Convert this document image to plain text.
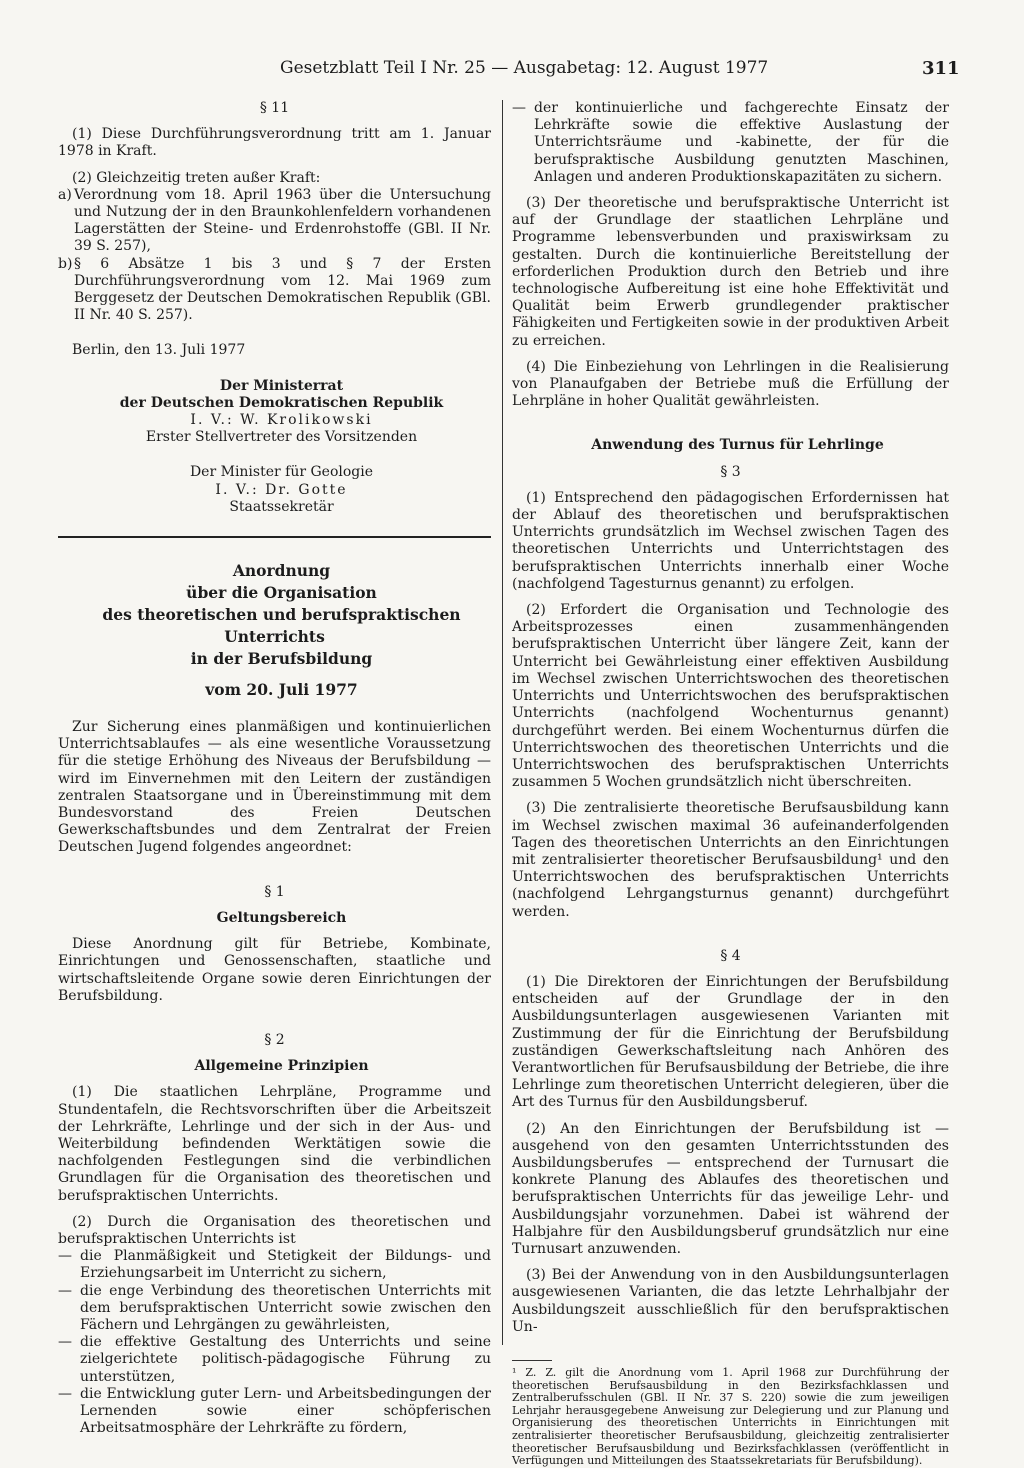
Gesetzblatt Teil I Nr. 25 — Ausgabetag: 12. August 1977	311

§ 11

(1) Diese Durchführungsverordnung tritt am 1. Januar 1978 in Kraft.

(2) Gleichzeitig treten außer Kraft:

a) Verordnung vom 18. April 1963 über die Untersuchung und Nutzung der in den Braunkohlenfeldern vorhandenen Lagerstätten der Steine- und Erdenrohstoffe (GBl. II Nr. 39 S. 257),
b) § 6 Absätze 1 bis 3 und § 7 der Ersten Durchführungsverordnung vom 12. Mai 1969 zum Berggesetz der Deutschen Demokratischen Republik (GBl. II Nr. 40 S. 257).

Berlin, den 13. Juli 1977

Der Ministerrat

der Deutschen Demokratischen Republik

I. V.: W. Krolikowski

Erster Stellvertreter des Vorsitzenden

Der Minister für Geologie

I. V.: Dr. Gotte

Staatssekretär

Anordnung

über die Organisation

des theoretischen und berufspraktischen Unterrichts

in der Berufsbildung

vom 20. Juli 1977

Zur Sicherung eines planmäßigen und kontinuierlichen Unterrichtsablaufes — als eine wesentliche Voraussetzung für die stetige Erhöhung des Niveaus der Berufsbildung — wird im Einvernehmen mit den Leitern der zuständigen zentralen Staatsorgane und in Übereinstimmung mit dem Bundesvorstand des Freien Deutschen Gewerkschaftsbundes und dem Zentralrat der Freien Deutschen Jugend folgendes angeordnet:

§ 1

Geltungsbereich

Diese Anordnung gilt für Betriebe, Kombinate, Einrichtungen und Genossenschaften, staatliche und wirtschaftsleitende Organe sowie deren Einrichtungen der Berufsbildung.

§ 2

Allgemeine Prinzipien

(1) Die staatlichen Lehrpläne, Programme und Stundentafeln, die Rechtsvorschriften über die Arbeitszeit der Lehrkräfte, Lehrlinge und der sich in der Aus- und Weiterbildung befindenden Werktätigen sowie die nachfolgenden Festlegungen sind die verbindlichen Grundlagen für die Organisation des theoretischen und berufspraktischen Unterrichts.

(2) Durch die Organisation des theoretischen und berufspraktischen Unterrichts ist

— die Planmäßigkeit und Stetigkeit der Bildungs- und Erziehungsarbeit im Unterricht zu sichern,
— die enge Verbindung des theoretischen Unterrichts mit dem berufspraktischen Unterricht sowie zwischen den Fächern und Lehrgängen zu gewährleisten,
— die effektive Gestaltung des Unterrichts und seine zielgerichtete politisch-pädagogische Führung zu unterstützen,
— die Entwicklung guter Lern- und Arbeitsbedingungen der Lernenden sowie einer schöpferischen Arbeitsatmosphäre der Lehrkräfte zu fördern,
— der kontinuierliche und fachgerechte Einsatz der Lehrkräfte sowie die effektive Auslastung der Unterrichtsräume und -kabinette, der für die berufspraktische Ausbildung genutzten Maschinen, Anlagen und anderen Produktionskapazitäten zu sichern.

(3) Der theoretische und berufspraktische Unterricht ist auf der Grundlage der staatlichen Lehrpläne und Programme lebensverbunden und praxiswirksam zu gestalten. Durch die kontinuierliche Bereitstellung der erforderlichen Produktion durch den Betrieb und ihre technologische Aufbereitung ist eine hohe Effektivität und Qualität beim Erwerb grundlegender praktischer Fähigkeiten und Fertigkeiten sowie in der produktiven Arbeit zu erreichen.

(4) Die Einbeziehung von Lehrlingen in die Realisierung von Planaufgaben der Betriebe muß die Erfüllung der Lehrpläne in hoher Qualität gewährleisten.

Anwendung des Turnus für Lehrlinge

§ 3

(1) Entsprechend den pädagogischen Erfordernissen hat der Ablauf des theoretischen und berufspraktischen Unterrichts grundsätzlich im Wechsel zwischen Tagen des theoretischen Unterrichts und Unterrichtstagen des berufspraktischen Unterrichts innerhalb einer Woche (nachfolgend Tagesturnus genannt) zu erfolgen.

(2) Erfordert die Organisation und Technologie des Arbeitsprozesses einen zusammenhängenden berufspraktischen Unterricht über längere Zeit, kann der Unterricht bei Gewährleistung einer effektiven Ausbildung im Wechsel zwischen Unterrichtswochen des theoretischen Unterrichts und Unterrichtswochen des berufspraktischen Unterrichts (nachfolgend Wochenturnus genannt) durchgeführt werden. Bei einem Wochenturnus dürfen die Unterrichtswochen des theoretischen Unterrichts und die Unterrichtswochen des berufspraktischen Unterrichts zusammen 5 Wochen grundsätzlich nicht überschreiten.

(3) Die zentralisierte theoretische Berufsausbildung kann im Wechsel zwischen maximal 36 aufeinanderfolgenden Tagen des theoretischen Unterrichts an den Einrichtungen mit zentralisierter theoretischer Berufsausbildung¹ und den Unterrichtswochen des berufspraktischen Unterrichts (nachfolgend Lehrgangsturnus genannt) durchgeführt werden.

§ 4

(1) Die Direktoren der Einrichtungen der Berufsbildung entscheiden auf der Grundlage der in den Ausbildungsunterlagen ausgewiesenen Varianten mit Zustimmung der für die Einrichtung der Berufsbildung zuständigen Gewerkschaftsleitung nach Anhören des Verantwortlichen für Berufsausbildung der Betriebe, die ihre Lehrlinge zum theoretischen Unterricht delegieren, über die Art des Turnus für den Ausbildungsberuf.

(2) An den Einrichtungen der Berufsbildung ist — ausgehend von den gesamten Unterrichtsstunden des Ausbildungsberufes — entsprechend der Turnusart die konkrete Planung des Ablaufes des theoretischen und berufspraktischen Unterrichts für das jeweilige Lehr- und Ausbildungsjahr vorzunehmen. Dabei ist während der Halbjahre für den Ausbildungsberuf grundsätzlich nur eine Turnusart anzuwenden.

(3) Bei der Anwendung von in den Ausbildungsunterlagen ausgewiesenen Varianten, die das letzte Lehrhalbjahr der Ausbildungszeit ausschließlich für den berufspraktischen Un-

¹ Z. Z. gilt die Anordnung vom 1. April 1968 zur Durchführung der theoretischen Berufsausbildung in den Bezirksfachklassen und Zentralberufsschulen (GBl. II Nr. 37 S. 220) sowie die zum jeweiligen Lehrjahr herausgegebene Anweisung zur Delegierung und zur Planung und Organisierung des theoretischen Unterrichts in Einrichtungen mit zentralisierter theoretischer Berufsausbildung, gleichzeitig zentralisierter theoretischer Berufsausbildung und Bezirksfachklassen (veröffentlicht in Verfügungen und Mitteilungen des Staatssekretariats für Berufsbildung).
